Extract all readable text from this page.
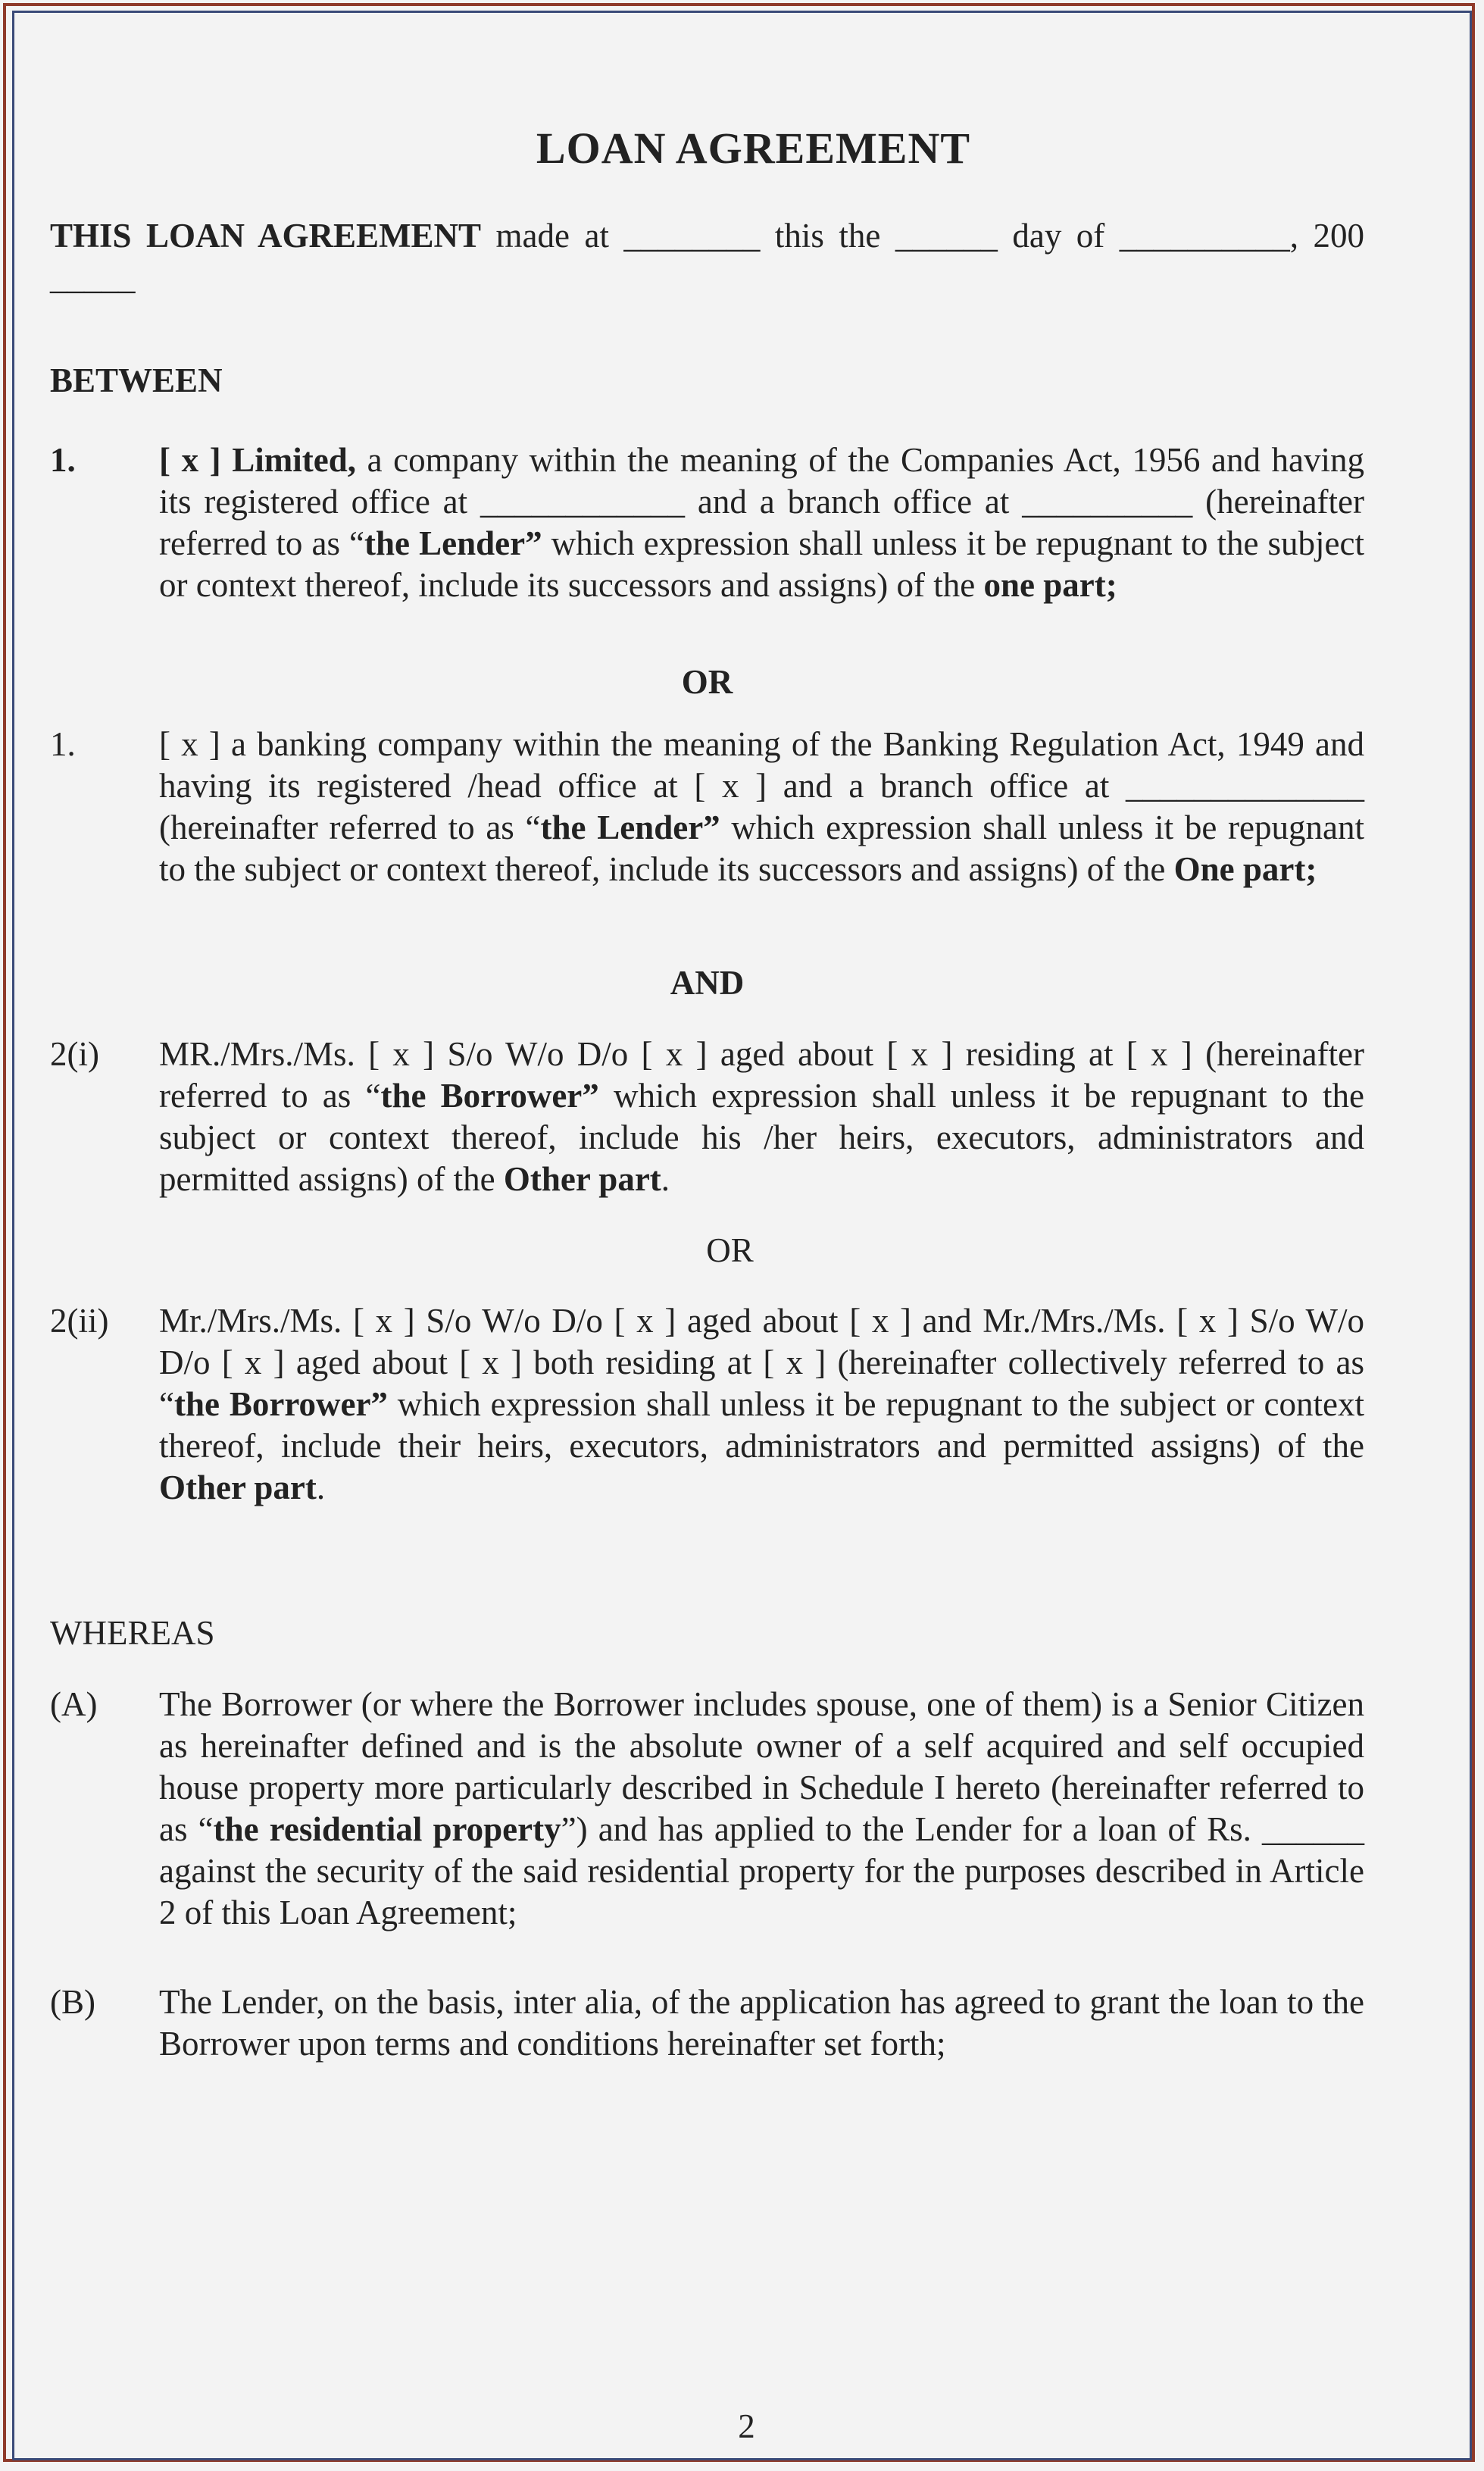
LOAN AGREEMENT
THIS LOAN AGREEMENT made at ________ this the ______ day of __________, 200 _____
BETWEEN
1. [ x ] Limited, a company within the meaning of the Companies Act, 1956 and having its registered office at ____________ and a branch office at __________ (hereinafter referred to as “the Lender” which expression shall unless it be repugnant to the subject or context thereof, include its successors and assigns) of the one part;
OR
1. [ x ] a banking company within the meaning of the Banking Regulation Act, 1949 and having its registered /head office at [ x ] and a branch office at ______________ (hereinafter referred to as “the Lender” which expression shall unless it be repugnant to the subject or context thereof, include its successors and assigns) of the One part;
AND
2(i) MR./Mrs./Ms. [ x ] S/o W/o D/o [ x ] aged about [ x ] residing at [ x ] (hereinafter referred to as “the Borrower” which expression shall unless it be repugnant to the subject or context thereof, include his /her heirs, executors, administrators and permitted assigns) of the Other part.
OR
2(ii) Mr./Mrs./Ms. [ x ] S/o W/o D/o [ x ] aged about [ x ] and Mr./Mrs./Ms. [ x ] S/o W/o D/o [ x ] aged about [ x ] both residing at [ x ] (hereinafter collectively referred to as “the Borrower” which expression shall unless it be repugnant to the subject or context thereof, include their heirs, executors, administrators and permitted assigns) of the Other part.
WHEREAS
(A) The Borrower (or where the Borrower includes spouse, one of them) is a Senior Citizen as hereinafter defined and is the absolute owner of a self acquired and self occupied house property more particularly described in Schedule I hereto (hereinafter referred to as “the residential property”) and has applied to the Lender for a loan of Rs. ______ against the security of the said residential property for the purposes described in Article 2 of this Loan Agreement;
(B) The Lender, on the basis, inter alia, of the application has agreed to grant the loan to the Borrower upon terms and conditions hereinafter set forth;
2
